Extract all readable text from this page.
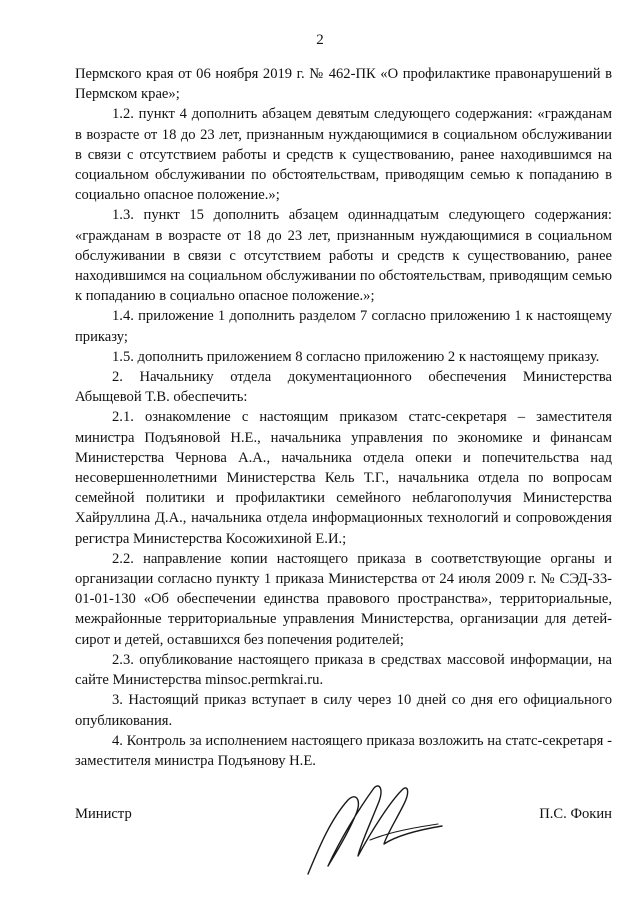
2

Пермского края от 06 ноября 2019 г. № 462-ПК «О профилактике правонарушений в Пермском крае»;

1.2. пункт 4 дополнить абзацем девятым следующего содержания: «гражданам в возрасте от 18 до 23 лет, признанным нуждающимися в социальном обслуживании в связи с отсутствием работы и средств к существованию, ранее находившимся на социальном обслуживании по обстоятельствам, приводящим семью к попаданию в социально опасное положение.»;

1.3. пункт 15 дополнить абзацем одиннадцатым следующего содержания: «гражданам в возрасте от 18 до 23 лет, признанным нуждающимися в социальном обслуживании в связи с отсутствием работы и средств к существованию, ранее находившимся на социальном обслуживании по обстоятельствам, приводящим семью к попаданию в социально опасное положение.»;

1.4. приложение 1 дополнить разделом 7 согласно приложению 1 к настоящему приказу;

1.5. дополнить приложением 8 согласно приложению 2 к настоящему приказу.

2. Начальнику отдела документационного обеспечения Министерства Абыщевой Т.В. обеспечить:

2.1. ознакомление с настоящим приказом статс-секретаря – заместителя министра Подъяновой Н.Е., начальника управления по экономике и финансам Министерства Чернова А.А., начальника отдела опеки и попечительства над несовершеннолетними Министерства Кель Т.Г., начальника отдела по вопросам семейной политики и профилактики семейного неблагополучия Министерства Хайруллина Д.А., начальника отдела информационных технологий и сопровождения регистра Министерства Косожихиной Е.И.;

2.2. направление копии настоящего приказа в соответствующие органы и организации согласно пункту 1 приказа Министерства от 24 июля 2009 г. № СЭД-33-01-01-130 «Об обеспечении единства правового пространства», территориальные, межрайонные территориальные управления Министерства, организации для детей-сирот и детей, оставшихся без попечения родителей;

2.3. опубликование настоящего приказа в средствах массовой информации, на сайте Министерства minsoc.permkrai.ru.

3. Настоящий приказ вступает в силу через 10 дней со дня его официального опубликования.

4. Контроль за исполнением настоящего приказа возложить на статс-секретаря - заместителя министра Подъянову Н.Е.

Министр	П.С. Фокин
